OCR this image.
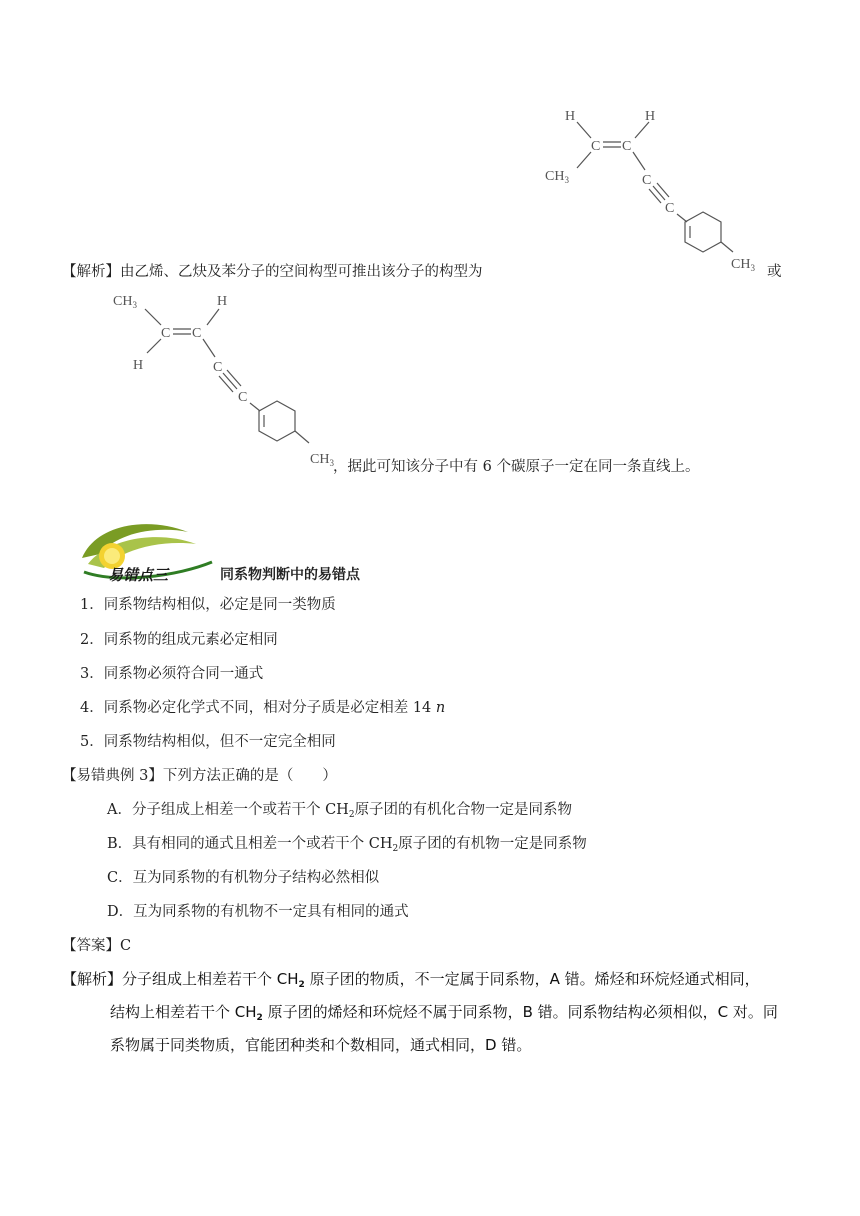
H	H
C C
$CH_3$	C
C
$CH_3$
【解析】由乙烯、乙炔及苯分子的空间构型可推出该分子的构型为	或
$CH_3$	H
C C
H	C
C
$CH_3$ ，据此可知该分子中有 6 个碳原子一定在同一条直线上。
易错点三	同系物判断中的易错点
1．同系物结构相似，必定是同一类物质
2．同系物的组成元素必定相同
3．同系物必须符合同一通式
4．同系物必定化学式不同，相对分子质是必定相差 14 n
5．同系物结构相似，但不一定完全相同
【易错典例 3】下列方法正确的是（　　）
A．分子组成上相差一个或若干个 $CH_2$原子团的有机化合物一定是同系物
B．具有相同的通式且相差一个或若干个 $CH_2$原子团的有机物一定是同系物
C．互为同系物的有机物分子结构必然相似
D．互为同系物的有机物不一定具有相同的通式
【答案】C
【解析】分子组成上相差若干个 $CH_2$ 原子团的物质，不一定属于同系物，A 错。烯烃和环烷烃通式相同，
结构上相差若干个 $CH_2$ 原子团的烯烃和环烷烃不属于同系物，B 错。同系物结构必须相似，C 对。同
系物属于同类物质，官能团种类和个数相同，通式相同，D 错。
